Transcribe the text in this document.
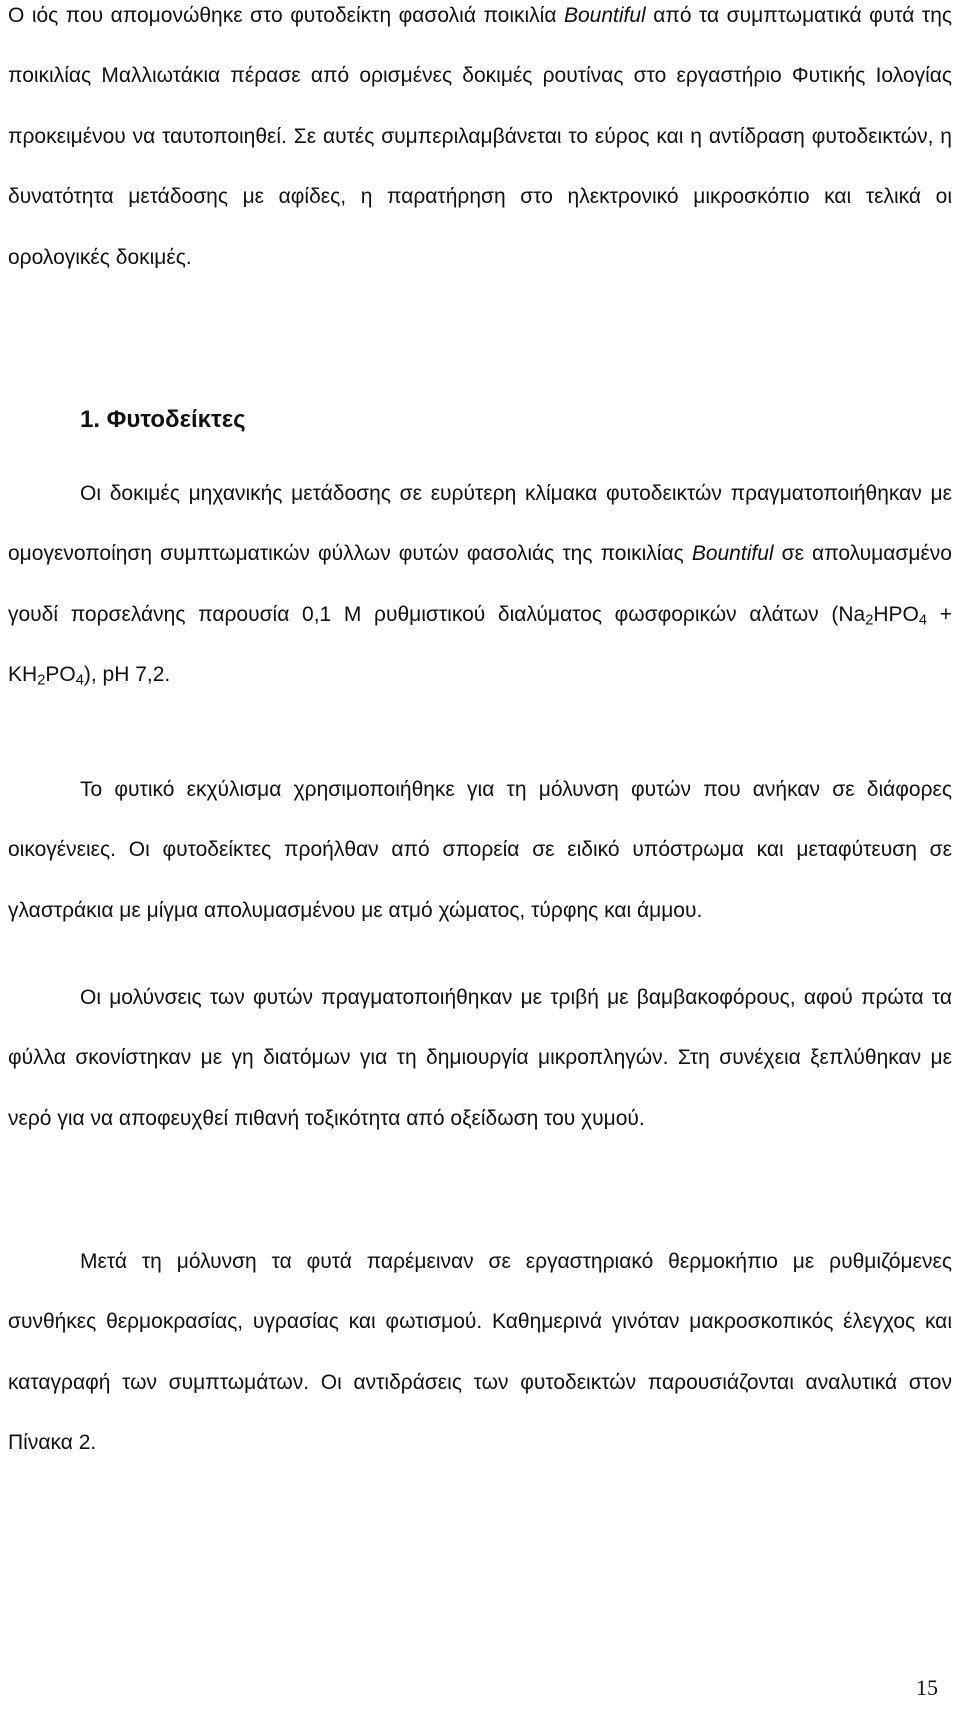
Ο ιός που απομονώθηκε στο φυτοδείκτη φασολιά ποικιλία Bountiful από τα συμπτωματικά φυτά της ποικιλίας Μαλλιωτάκια πέρασε από ορισμένες δοκιμές ρουτίνας στο εργαστήριο Φυτικής Ιολογίας προκειμένου να ταυτοποιηθεί. Σε αυτές συμπεριλαμβάνεται το εύρος και η αντίδραση φυτοδεικτών, η δυνατότητα μετάδοσης με αφίδες, η παρατήρηση στο ηλεκτρονικό μικροσκόπιο και τελικά οι ορολογικές δοκιμές.

1. Φυτοδείκτες

Οι δοκιμές μηχανικής μετάδοσης σε ευρύτερη κλίμακα φυτοδεικτών πραγματοποιήθηκαν με ομογενοποίηση συμπτωματικών φύλλων φυτών φασολιάς της ποικιλίας Bountiful σε απολυμασμένο γουδί πορσελάνης παρουσία 0,1 Μ ρυθμιστικού διαλύματος φωσφορικών αλάτων $(Na_2HPO_4 + KH_2PO_4)$, pH 7,2.

Το φυτικό εκχύλισμα χρησιμοποιήθηκε για τη μόλυνση φυτών που ανήκαν σε διάφορες οικογένειες. Οι φυτοδείκτες προήλθαν από σπορεία σε ειδικό υπόστρωμα και μεταφύτευση σε γλαστράκια με μίγμα απολυμασμένου με ατμό χώματος, τύρφης και άμμου.

Οι μολύνσεις των φυτών πραγματοποιήθηκαν με τριβή με βαμβακοφόρους, αφού πρώτα τα φύλλα σκονίστηκαν με γη διατόμων για τη δημιουργία μικροπληγών. Στη συνέχεια ξεπλύθηκαν με νερό για να αποφευχθεί πιθανή τοξικότητα από οξείδωση του χυμού.

Μετά τη μόλυνση τα φυτά παρέμειναν σε εργαστηριακό θερμοκήπιο με ρυθμιζόμενες συνθήκες θερμοκρασίας, υγρασίας και φωτισμού. Καθημερινά γινόταν μακροσκοπικός έλεγχος και καταγραφή των συμπτωμάτων. Οι αντιδράσεις των φυτοδεικτών παρουσιάζονται αναλυτικά στον Πίνακα 2.

15
